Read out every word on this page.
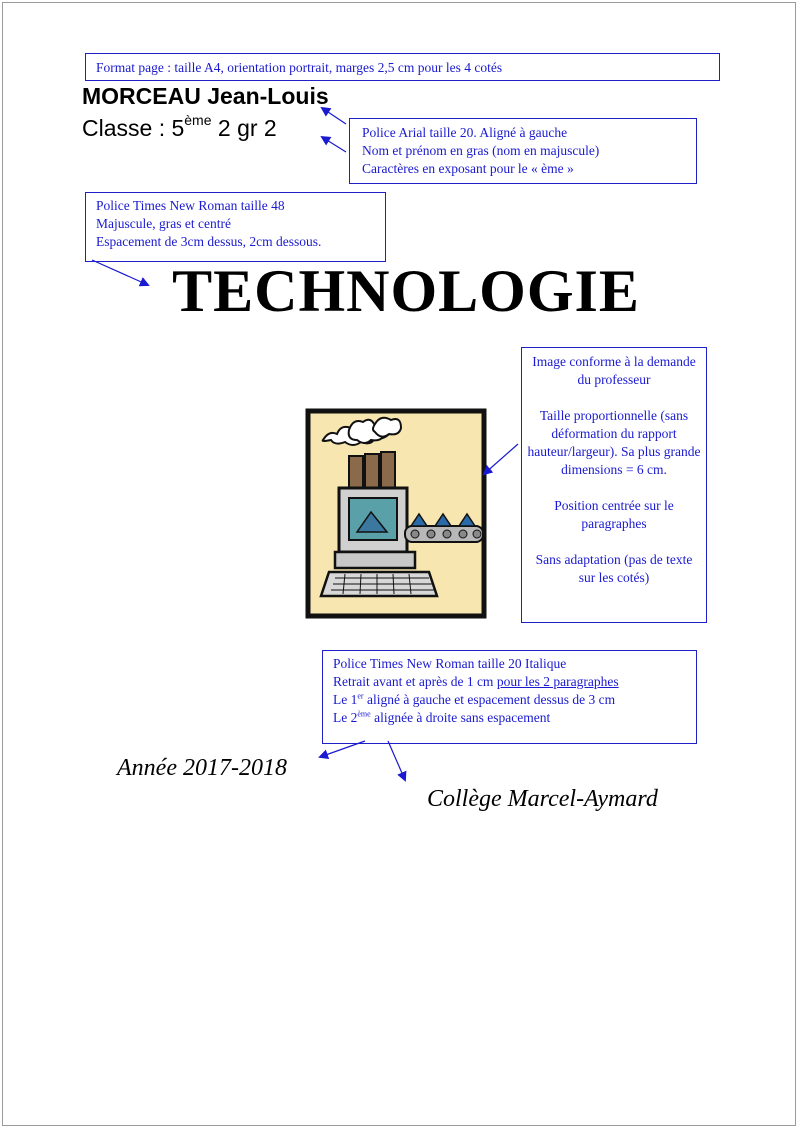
Format page : taille A4, orientation portrait, marges 2,5 cm pour les 4 cotés
MORCEAU Jean-Louis
Classe : 5ème 2 gr 2	Police Arial taille 20. Aligné à gauche
Nom et prénom en gras (nom en majuscule)
Caractères en exposant pour le « ème »
Police Times New Roman taille 48
Majuscule, gras et centré
Espacement de 3cm dessus, 2cm dessous.
TECHNOLOGIE
Image conforme à la demande du professeur
Taille proportionnelle (sans déformation du rapport hauteur/largeur). Sa plus grande dimensions = 6 cm.
Position centrée sur le paragraphes
Sans adaptation (pas de texte sur les cotés)
Police Times New Roman taille 20 Italique
Retrait avant et après de 1 cm pour les 2 paragraphes
Le 1er aligné à gauche et espacement dessus de 3 cm
Le 2ème alignée à droite sans espacement
Année 2017-2018
Collège Marcel-Aymard
